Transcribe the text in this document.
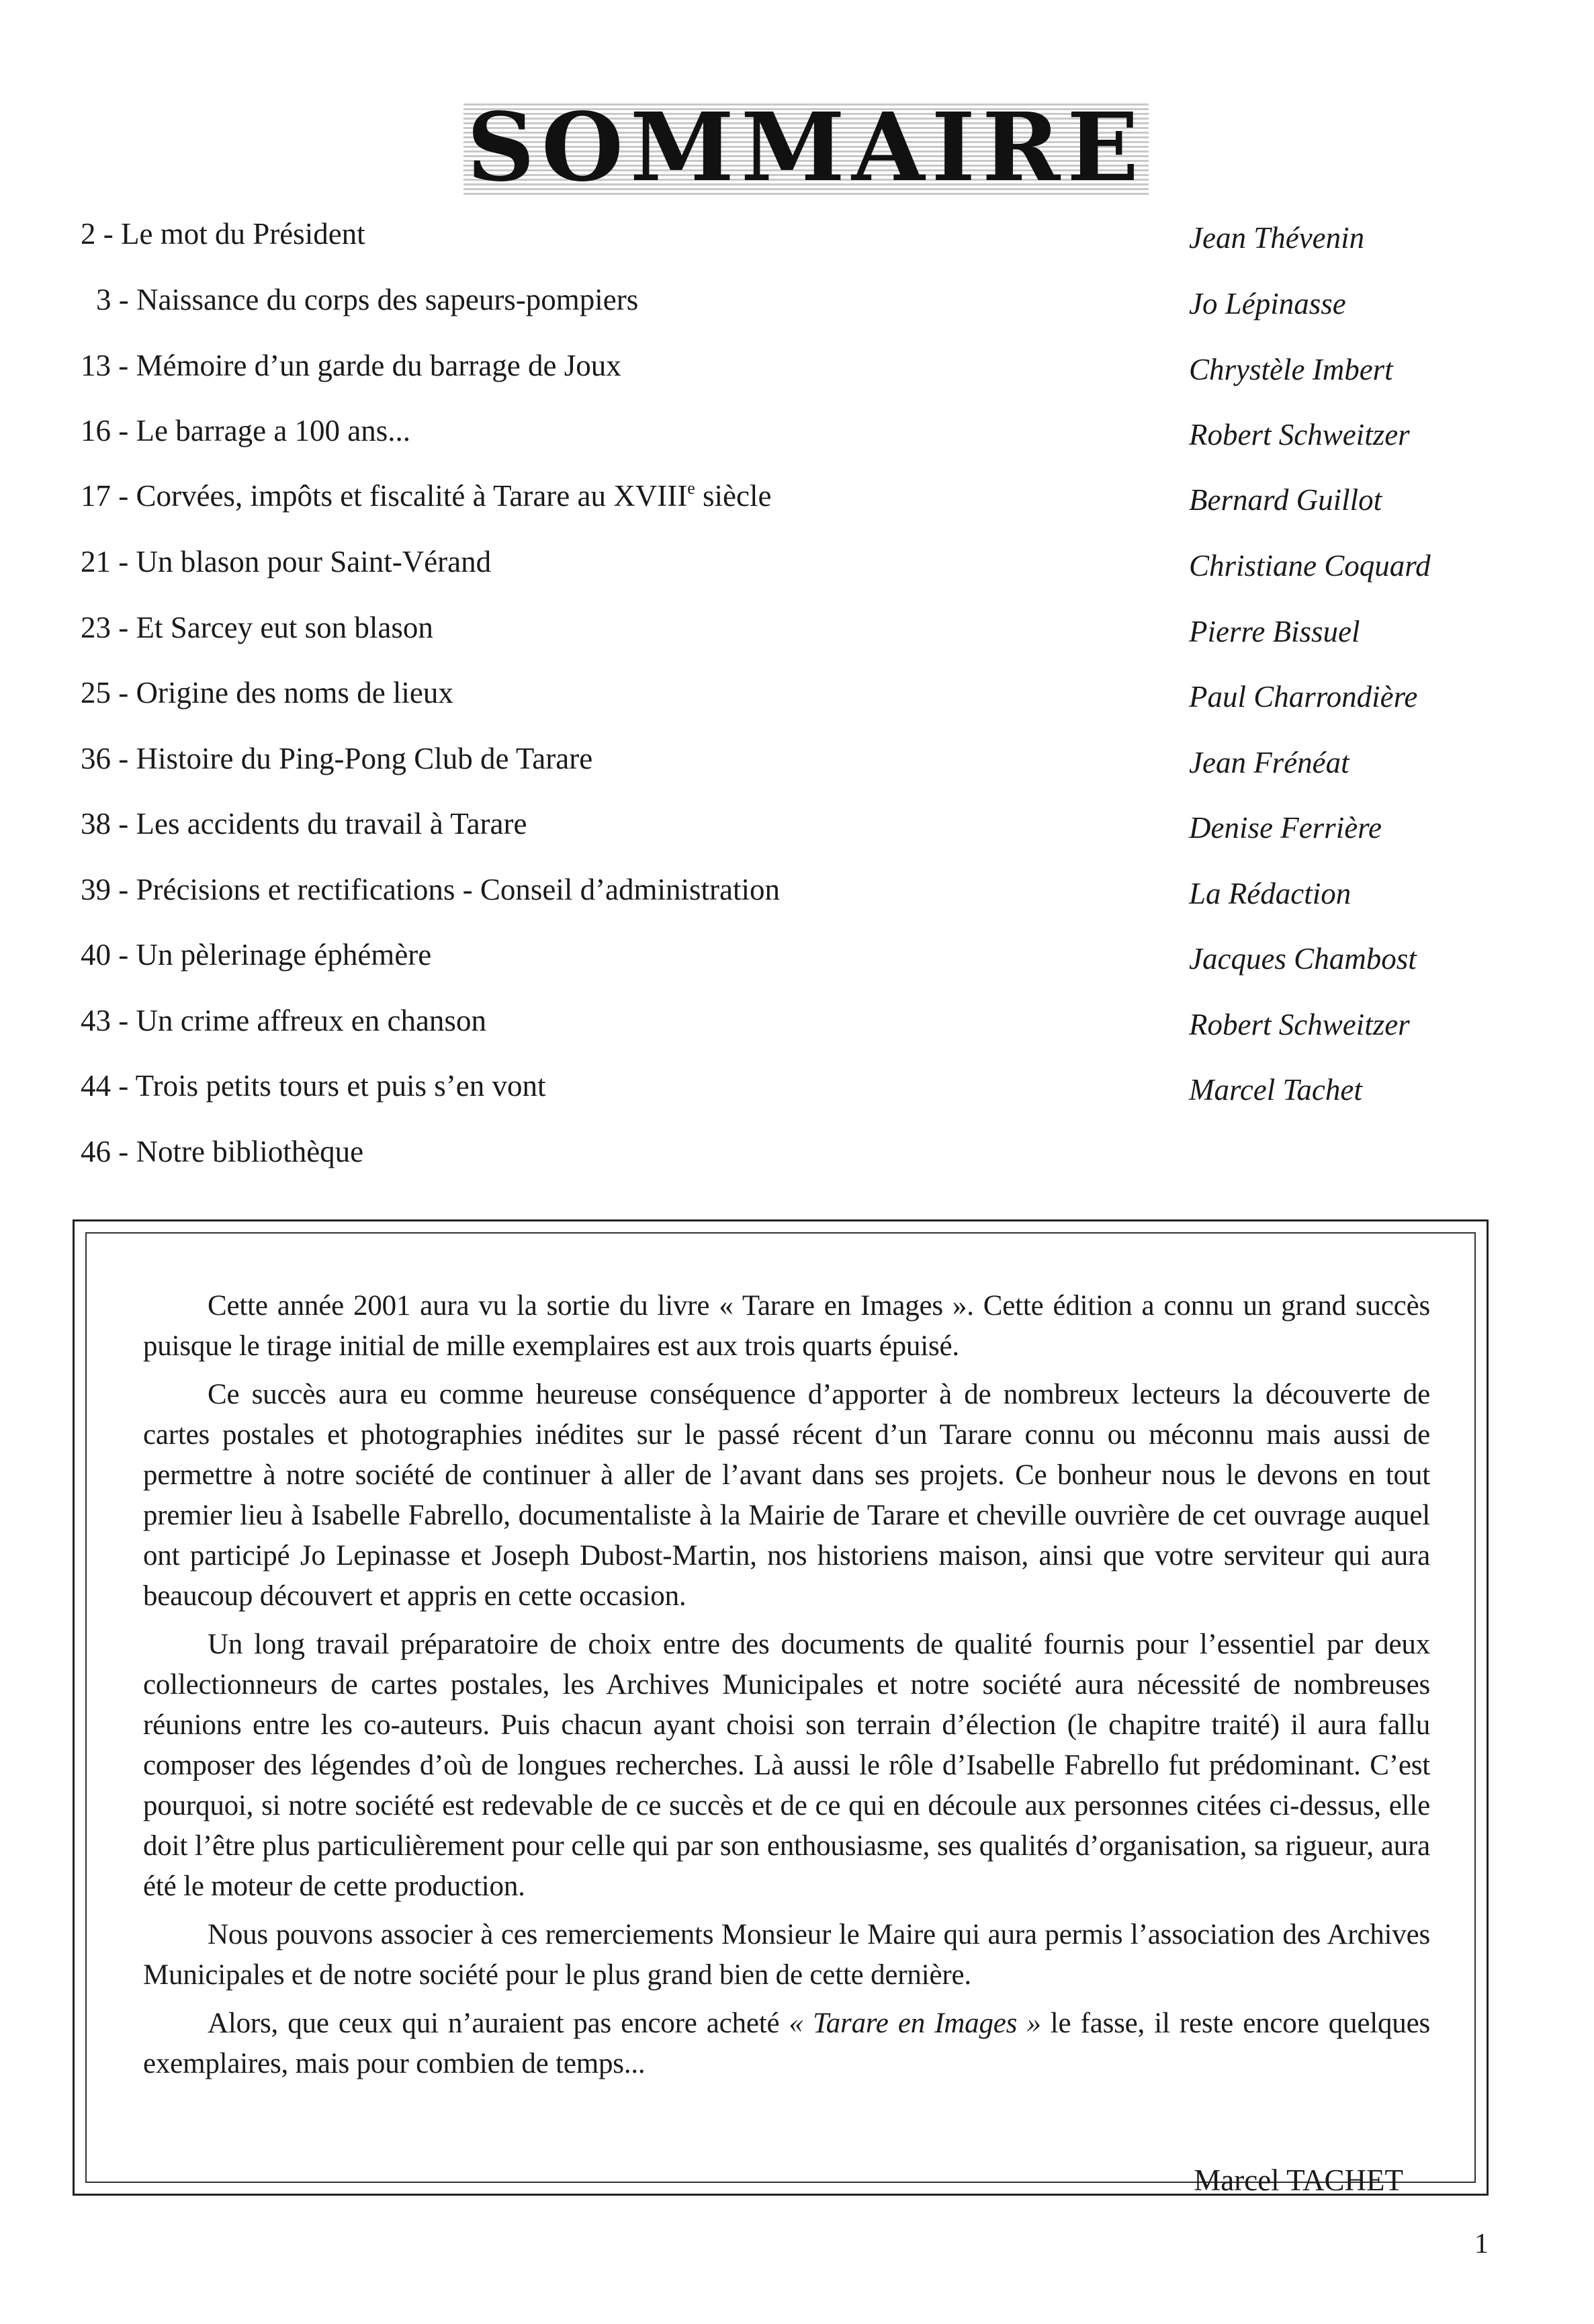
SOMMAIRE
2 - Le mot du Président	Jean Thévenin
3 - Naissance du corps des sapeurs-pompiers	Jo Lépinasse
13 - Mémoire d’un garde du barrage de Joux	Chrystèle Imbert
16 - Le barrage a 100 ans...	Robert Schweitzer
17 - Corvées, impôts et fiscalité à Tarare au XVIIIe siècle	Bernard Guillot
21 - Un blason pour Saint-Vérand	Christiane Coquard
23 - Et Sarcey eut son blason	Pierre Bissuel
25 - Origine des noms de lieux	Paul Charrondière
36 - Histoire du Ping-Pong Club de Tarare	Jean Frénéat
38 - Les accidents du travail à Tarare	Denise Ferrière
39 - Précisions et rectifications - Conseil d’administration	La Rédaction
40 - Un pèlerinage éphémère	Jacques Chambost
43 - Un crime affreux en chanson	Robert Schweitzer
44 - Trois petits tours et puis s’en vont	Marcel Tachet
46 - Notre bibliothèque

Cette année 2001 aura vu la sortie du livre « Tarare en Images ». Cette édition a connu un grand succès puisque le tirage initial de mille exemplaires est aux trois quarts épuisé.

Ce succès aura eu comme heureuse conséquence d’apporter à de nombreux lecteurs la découverte de cartes postales et photographies inédites sur le passé récent d’un Tarare connu ou méconnu mais aussi de permettre à notre société de continuer à aller de l’avant dans ses projets. Ce bonheur nous le devons en tout premier lieu à Isabelle Fabrello, documentaliste à la Mairie de Tarare et cheville ouvrière de cet ouvrage auquel ont participé Jo Lepinasse et Joseph Dubost-Martin, nos historiens maison, ainsi que votre serviteur qui aura beaucoup découvert et appris en cette occasion.

Un long travail préparatoire de choix entre des documents de qualité fournis pour l’essentiel par deux collectionneurs de cartes postales, les Archives Municipales et notre société aura nécessité de nombreuses réunions entre les co-auteurs. Puis chacun ayant choisi son terrain d’élection (le chapitre traité) il aura fallu composer des légendes d’où de longues recherches. Là aussi le rôle d’Isabelle Fabrello fut prédominant. C’est pourquoi, si notre société est redevable de ce succès et de ce qui en découle aux personnes citées ci-dessus, elle doit l’être plus particulièrement pour celle qui par son enthousiasme, ses qualités d’organisation, sa rigueur, aura été le moteur de cette production.

Nous pouvons associer à ces remerciements Monsieur le Maire qui aura permis l’association des Archives Municipales et de notre société pour le plus grand bien de cette dernière.

Alors, que ceux qui n’auraient pas encore acheté « Tarare en Images » le fasse, il reste encore quelques exemplaires, mais pour combien de temps...

Marcel TACHET
1
